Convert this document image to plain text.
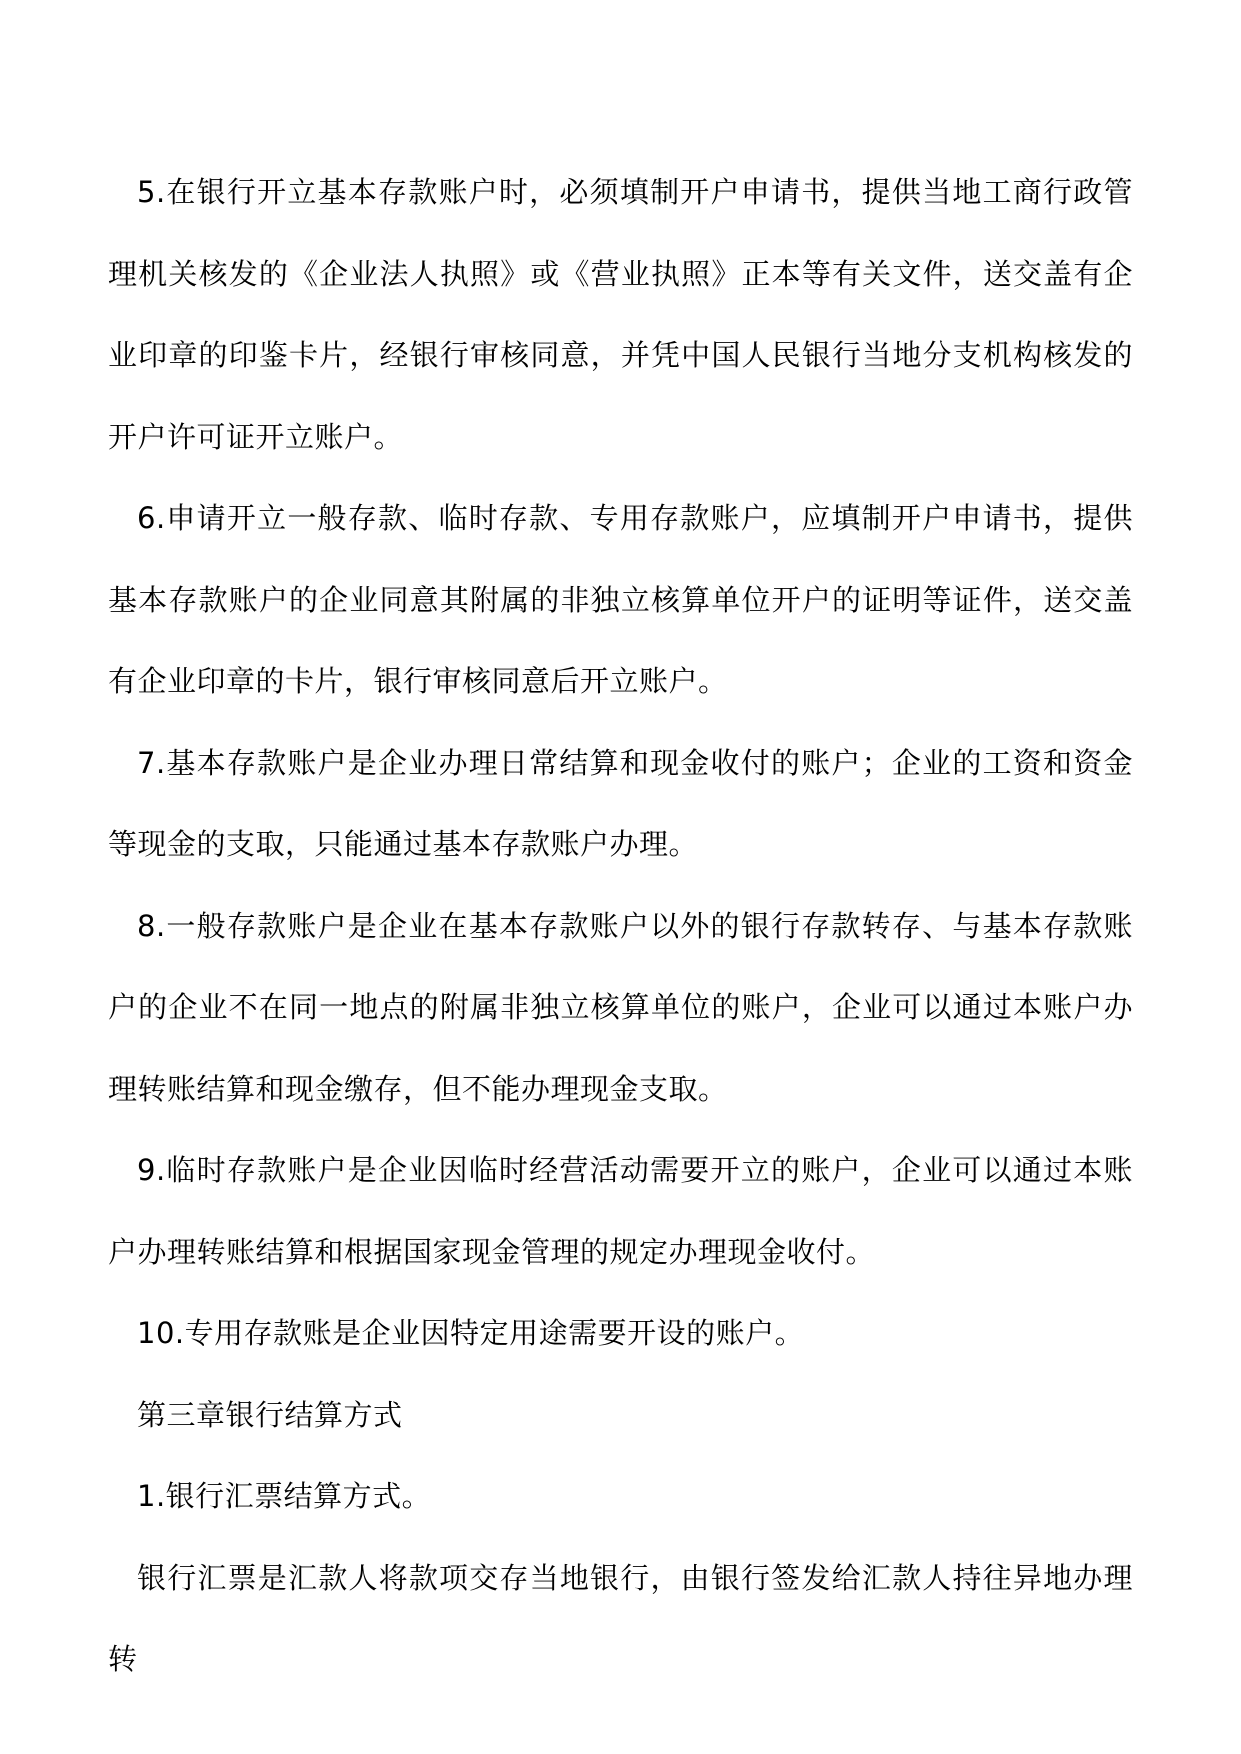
5.在银行开立基本存款账户时，必须填制开户申请书，提供当地工商行政管理机关核发的《企业法人执照》或《营业执照》正本等有关文件，送交盖有企业印章的印鉴卡片，经银行审核同意，并凭中国人民银行当地分支机构核发的开户许可证开立账户。

6.申请开立一般存款、临时存款、专用存款账户，应填制开户申请书，提供基本存款账户的企业同意其附属的非独立核算单位开户的证明等证件，送交盖有企业印章的卡片，银行审核同意后开立账户。

7.基本存款账户是企业办理日常结算和现金收付的账户；企业的工资和资金等现金的支取，只能通过基本存款账户办理。

8.一般存款账户是企业在基本存款账户以外的银行存款转存、与基本存款账户的企业不在同一地点的附属非独立核算单位的账户，企业可以通过本账户办理转账结算和现金缴存，但不能办理现金支取。

9.临时存款账户是企业因临时经营活动需要开立的账户，企业可以通过本账户办理转账结算和根据国家现金管理的规定办理现金收付。

10.专用存款账是企业因特定用途需要开设的账户。

第三章银行结算方式

1.银行汇票结算方式。

银行汇票是汇款人将款项交存当地银行，由银行签发给汇款人持往异地办理转
